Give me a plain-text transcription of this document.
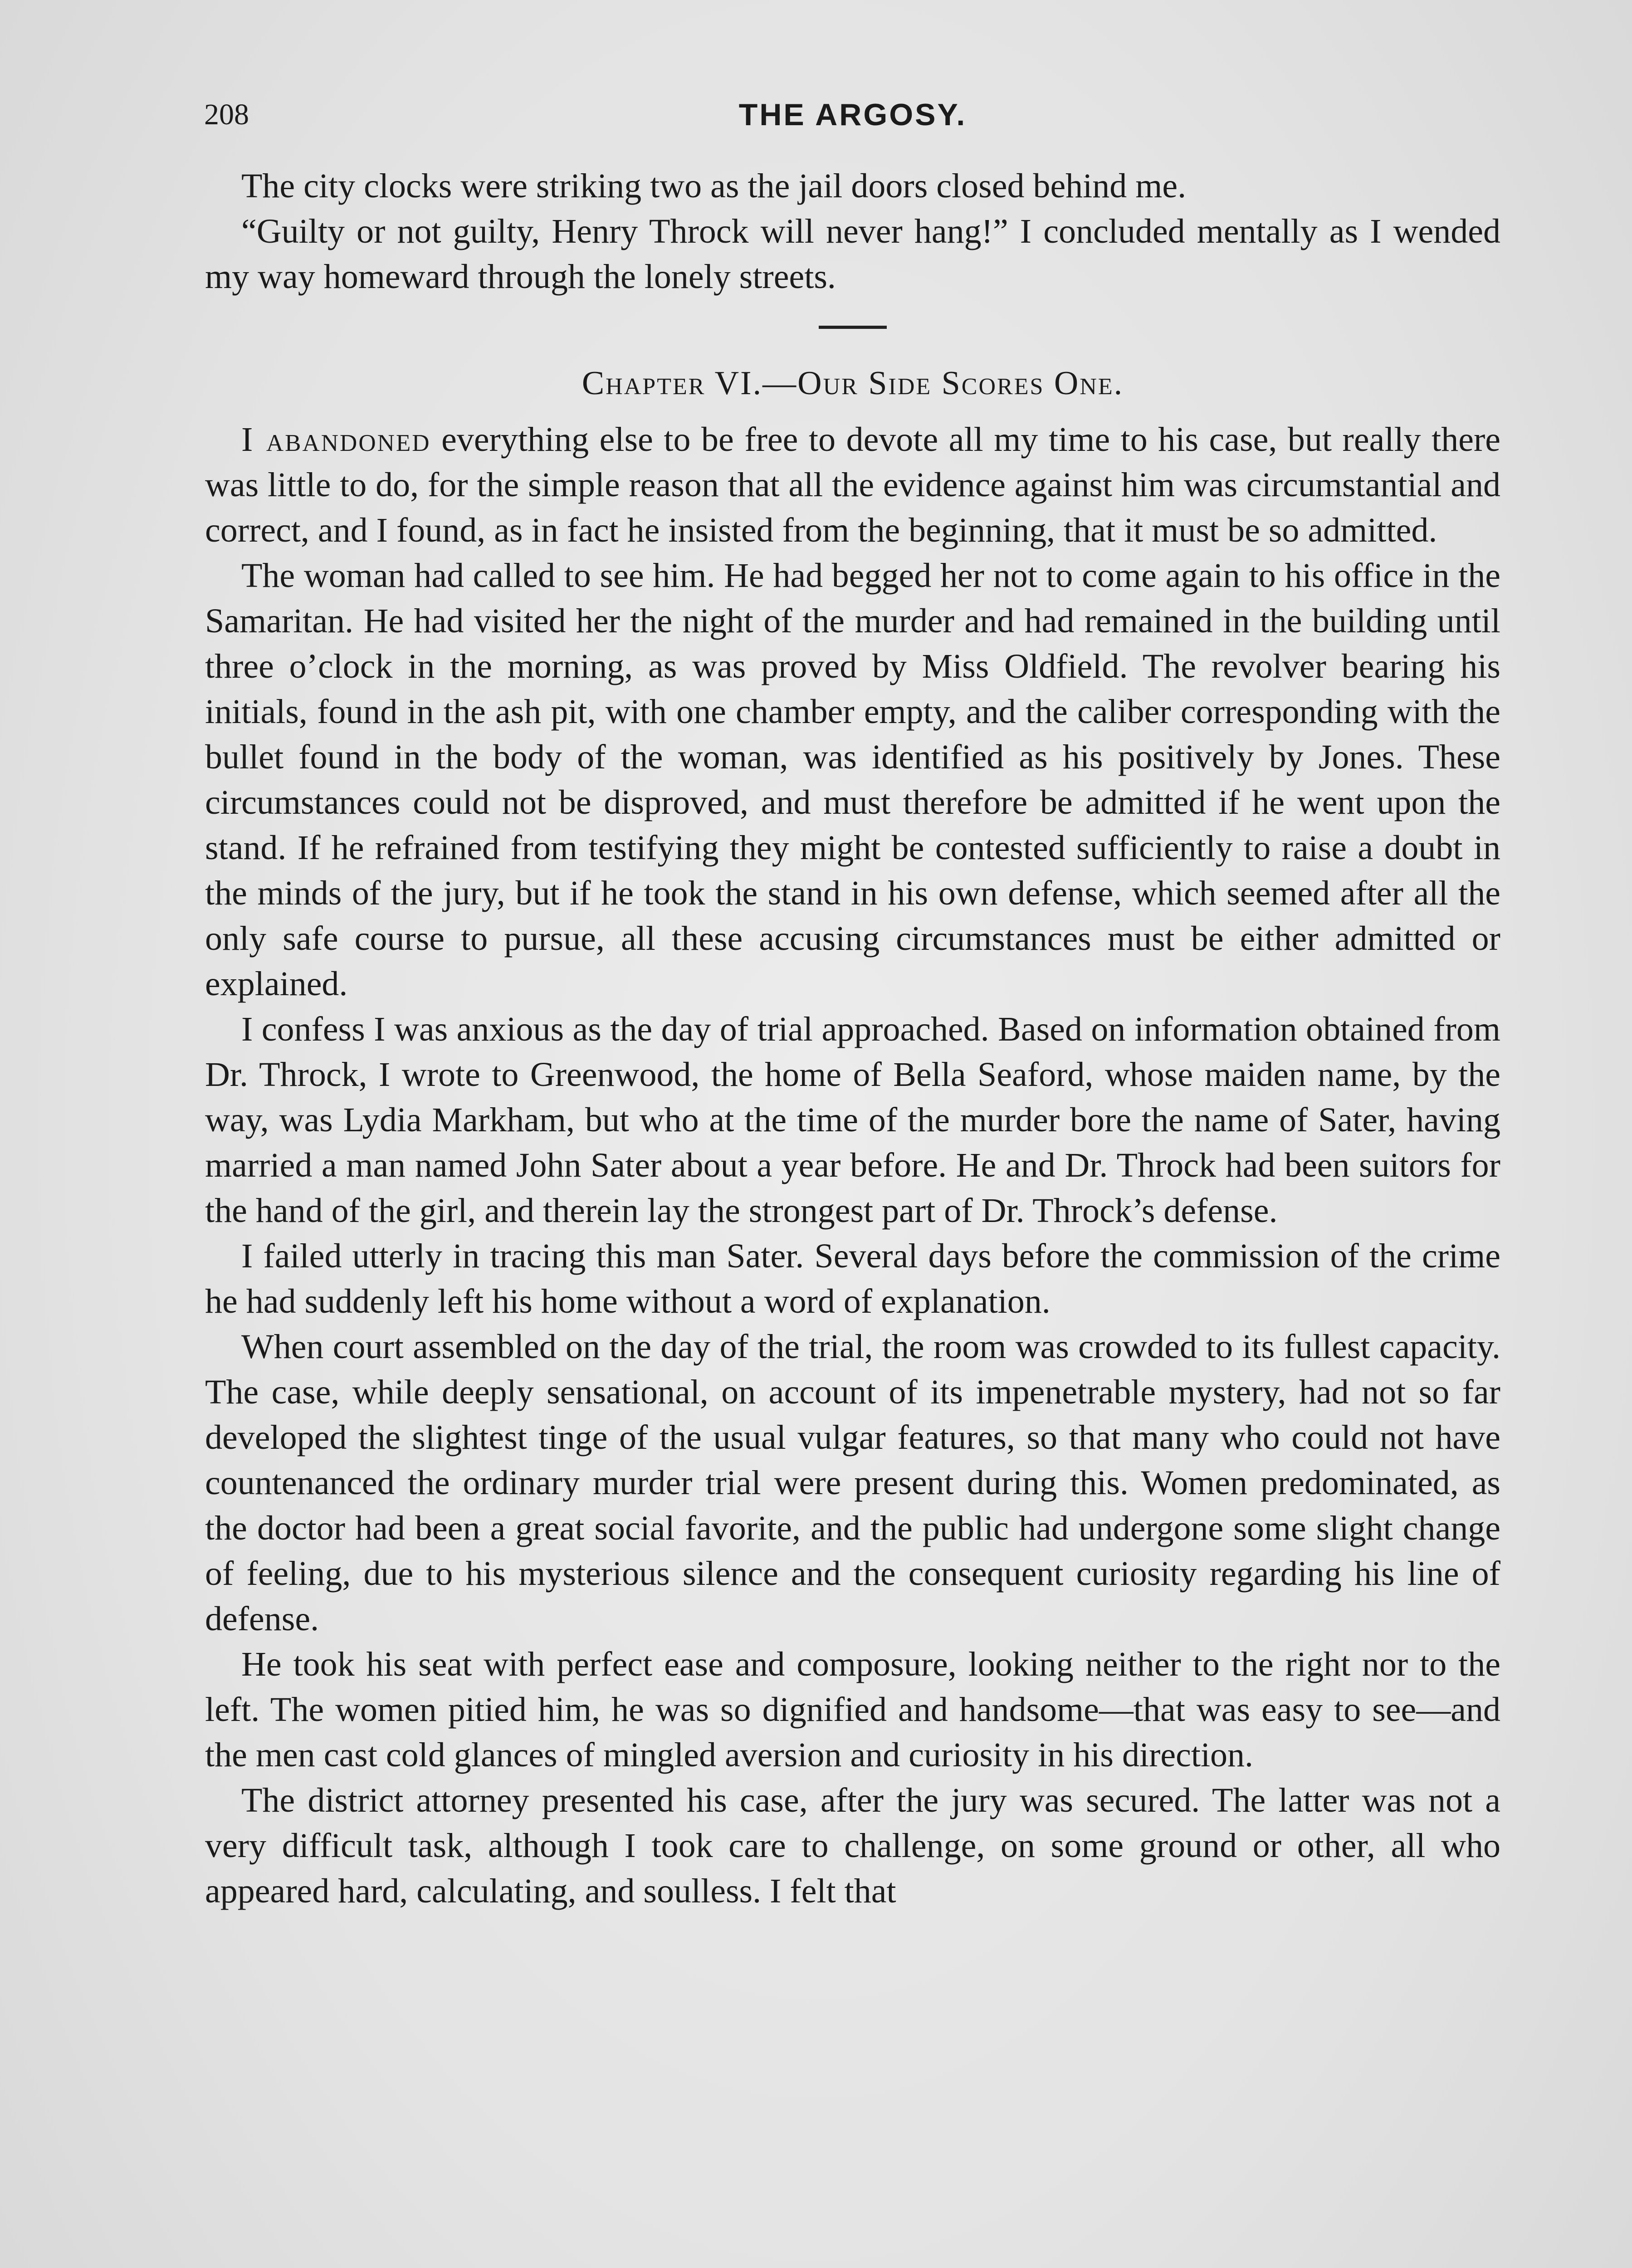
208	THE ARGOSY.

The city clocks were striking two as the jail doors closed behind me.

“Guilty or not guilty, Henry Throck will never hang!” I concluded mentally as I wended my way homeward through the lonely streets.

Chapter VI.—Our Side Scores One.

I abandoned everything else to be free to devote all my time to his case, but really there was little to do, for the simple reason that all the evidence against him was circumstantial and correct, and I found, as in fact he insisted from the beginning, that it must be so admitted.

The woman had called to see him. He had begged her not to come again to his office in the Samaritan. He had visited her the night of the murder and had remained in the building until three o’clock in the morning, as was proved by Miss Oldfield. The revolver bearing his initials, found in the ash pit, with one chamber empty, and the caliber corresponding with the bullet found in the body of the woman, was identified as his positively by Jones. These circumstances could not be disproved, and must therefore be admitted if he went upon the stand. If he refrained from testifying they might be contested sufficiently to raise a doubt in the minds of the jury, but if he took the stand in his own defense, which seemed after all the only safe course to pursue, all these accusing circumstances must be either admitted or explained.

I confess I was anxious as the day of trial approached. Based on information obtained from Dr. Throck, I wrote to Greenwood, the home of Bella Seaford, whose maiden name, by the way, was Lydia Markham, but who at the time of the murder bore the name of Sater, having married a man named John Sater about a year before. He and Dr. Throck had been suitors for the hand of the girl, and therein lay the strongest part of Dr. Throck’s defense.

I failed utterly in tracing this man Sater. Several days before the commission of the crime he had suddenly left his home without a word of explanation.

When court assembled on the day of the trial, the room was crowded to its fullest capacity. The case, while deeply sensational, on account of its impenetrable mystery, had not so far developed the slightest tinge of the usual vulgar features, so that many who could not have countenanced the ordinary murder trial were present during this. Women predominated, as the doctor had been a great social favorite, and the public had undergone some slight change of feeling, due to his mysterious silence and the consequent curiosity regarding his line of defense.

He took his seat with perfect ease and composure, looking neither to the right nor to the left. The women pitied him, he was so dignified and handsome—that was easy to see—and the men cast cold glances of mingled aversion and curiosity in his direction.

The district attorney presented his case, after the jury was secured. The latter was not a very difficult task, although I took care to challenge, on some ground or other, all who appeared hard, calculating, and soulless. I felt that
